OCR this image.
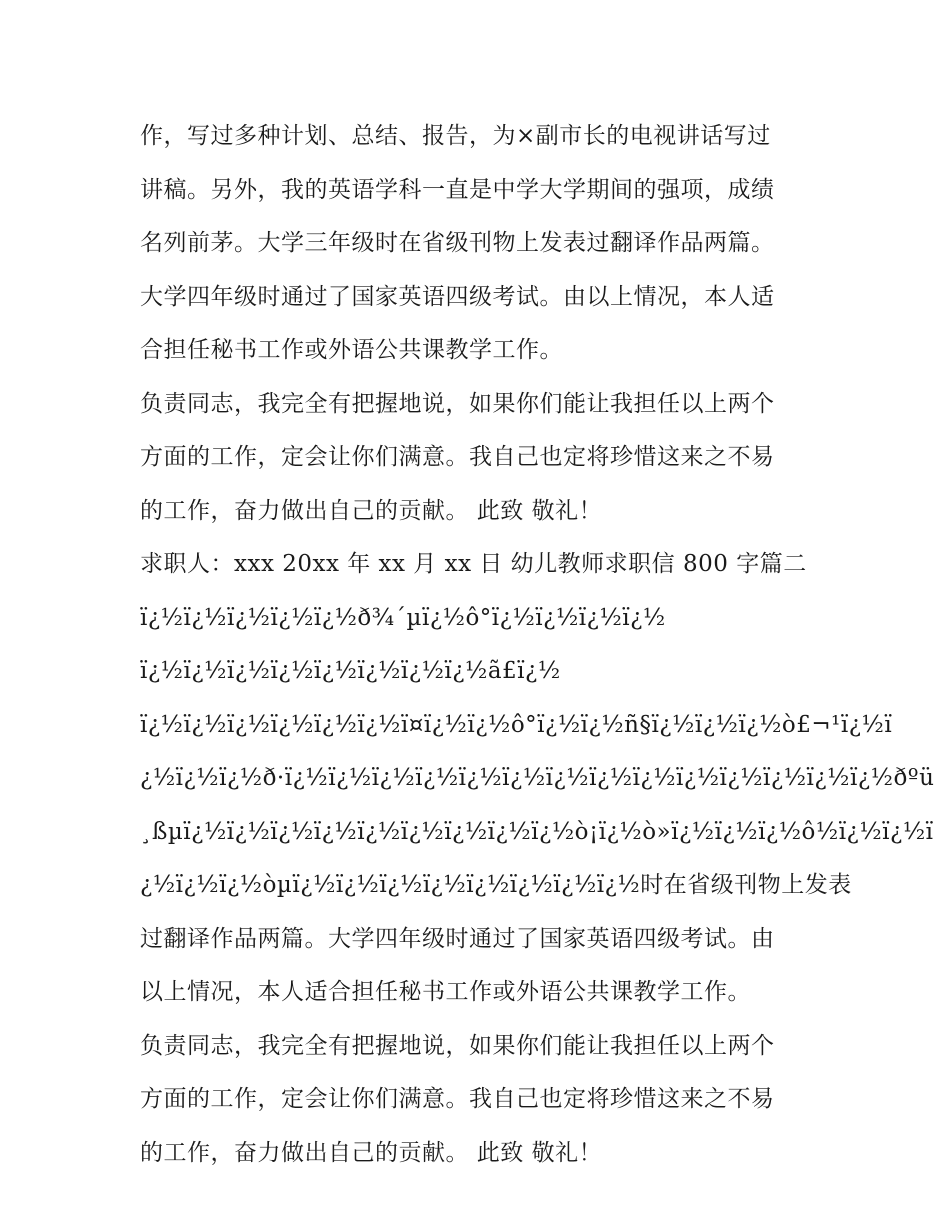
作，写过多种计划、总结、报告，为×副市长的电视讲话写过
讲稿。另外，我的英语学科一直是中学大学期间的强项，成绩
名列前茅。大学三年级时在省级刊物上发表过翻译作品两篇。
大学四年级时通过了国家英语四级考试。由以上情况，本人适
合担任秘书工作或外语公共课教学工作。
负责同志，我完全有把握地说，如果你们能让我担任以上两个
方面的工作，定会让你们满意。我自己也定将珍惜这来之不易
的工作，奋力做出自己的贡献。 此致 敬礼！
求职人：xxx 20xx 年 xx 月 xx 日 幼儿教师求职信 800 字篇二
ï¿½ï¿½ï¿½ï¿½ï¿½ð¾´µï¿½ô°ï¿½ï¿½ï¿½ï¿½
ï¿½ï¿½ï¿½ï¿½ï¿½ï¿½ï¿½ï¿½ã£ï¿½
ï¿½ï¿½ï¿½ï¿½ï¿½ï¿½ï¤ï¿½ï¿½ô°ï¿½ï¿½ñ§ï¿½ï¿½ï¿½ò£¬¹ï¿½ï
¿½ï¿½ï¿½ð·ï¿½ï¿½ï¿½ï¿½ï¿½ï¿½ï¿½ï¿½ï¿½ï¿½ï¿½ï¿½ï¿½ï¿½ðºü
¸ßµï¿½ï¿½ï¿½ï¿½ï¿½ï¿½ï¿½ï¿½ï¿½ò¡ï¿½ò»ï¿½ï¿½ï¿½ô½ï¿½ï¿½ï
¿½ï¿½ï¿½òµï¿½ï¿½ï¿½ï¿½ï¿½ï¿½ï¿½ï¿½时在省级刊物上发表
过翻译作品两篇。大学四年级时通过了国家英语四级考试。由
以上情况，本人适合担任秘书工作或外语公共课教学工作。
负责同志，我完全有把握地说，如果你们能让我担任以上两个
方面的工作，定会让你们满意。我自己也定将珍惜这来之不易
的工作，奋力做出自己的贡献。 此致 敬礼！
